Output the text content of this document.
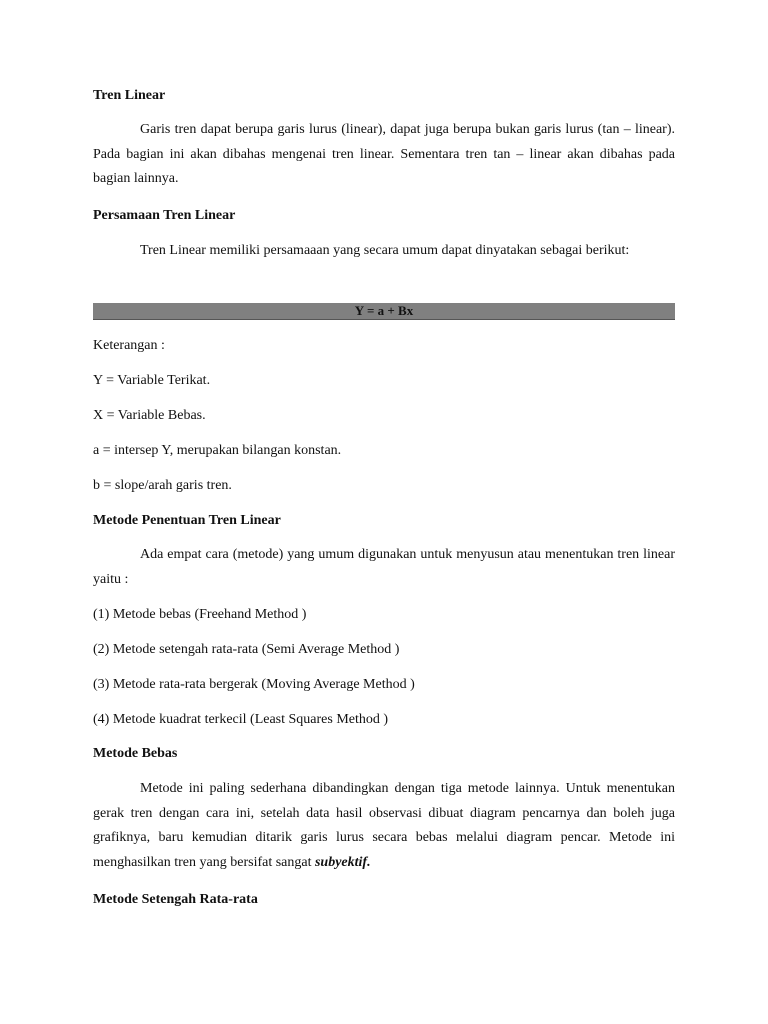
Tren Linear
Garis tren dapat berupa garis lurus (linear), dapat juga berupa bukan garis lurus (tan – linear). Pada bagian ini akan dibahas mengenai tren linear. Sementara tren tan – linear akan dibahas pada bagian lainnya.
Persamaan Tren Linear
Tren Linear memiliki persamaaan yang secara umum dapat dinyatakan sebagai berikut:
Y = a + Bx
Keterangan :
Y = Variable Terikat.
X = Variable Bebas.
a = intersep Y, merupakan bilangan konstan.
b = slope/arah garis tren.
Metode Penentuan Tren Linear
Ada empat cara (metode) yang umum digunakan untuk menyusun atau menentukan tren linear yaitu :
(1) Metode bebas (Freehand Method )
(2) Metode setengah rata-rata (Semi Average Method )
(3) Metode rata-rata bergerak (Moving Average Method )
(4) Metode kuadrat terkecil (Least Squares Method )
Metode Bebas
Metode ini paling sederhana dibandingkan dengan tiga metode lainnya. Untuk menentukan gerak tren dengan cara ini, setelah data hasil observasi dibuat diagram pencarnya dan boleh juga grafiknya, baru kemudian ditarik garis lurus secara bebas melalui diagram pencar. Metode ini menghasilkan tren yang bersifat sangat subyektif.
Metode Setengah Rata-rata
